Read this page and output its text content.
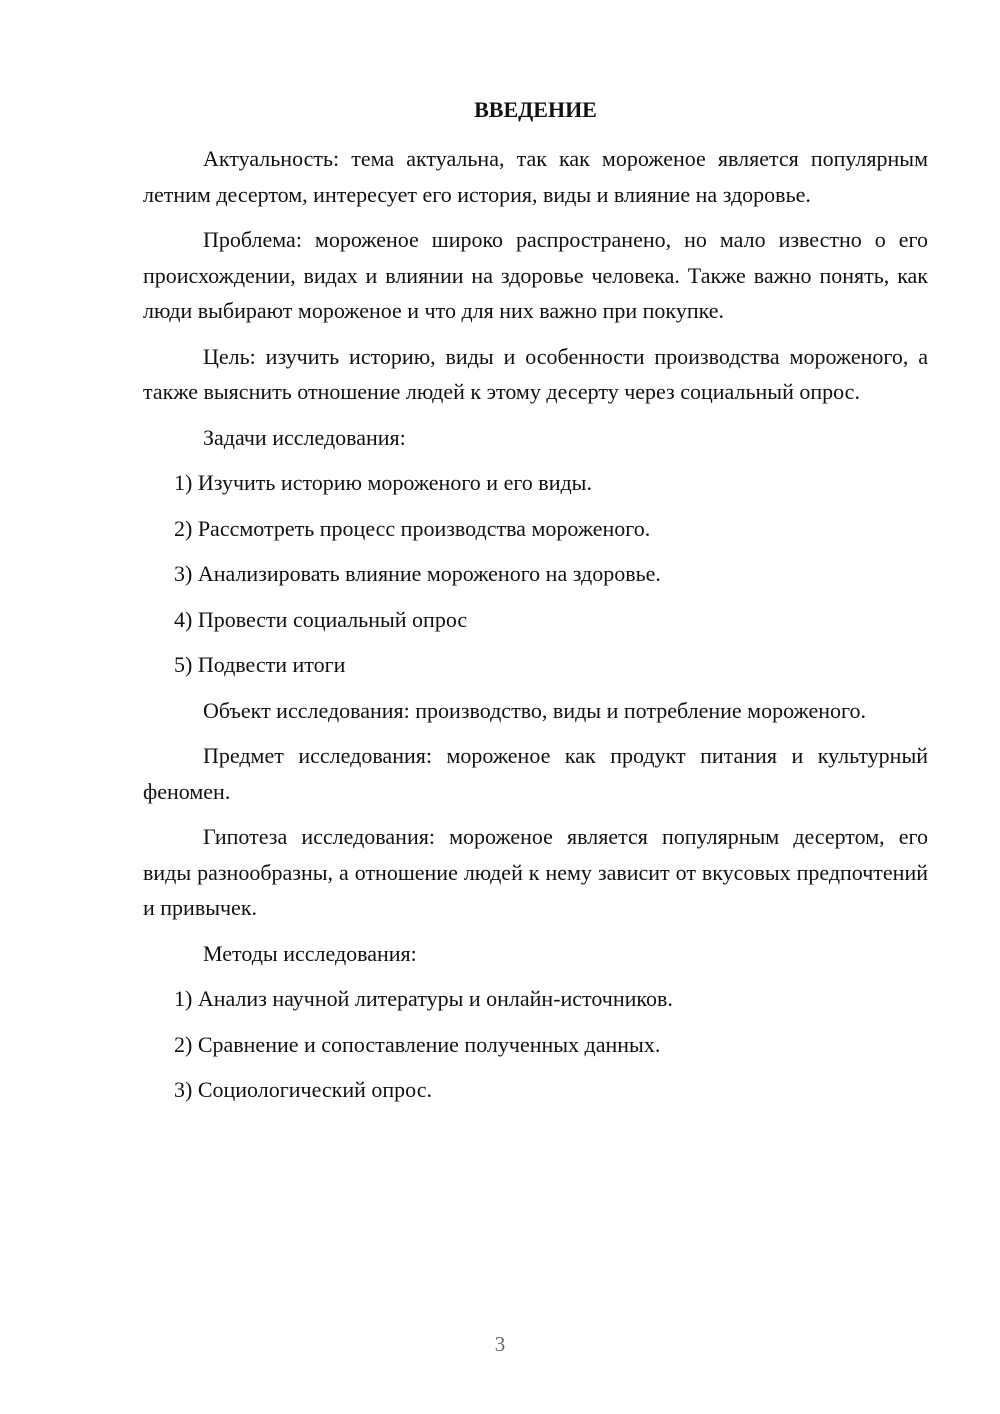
ВВЕДЕНИЕ

Актуальность: тема актуальна, так как мороженое является популярным летним десертом, интересует его история, виды и влияние на здоровье.

Проблема: мороженое широко распространено, но мало известно о его происхождении, видах и влиянии на здоровье человека. Также важно понять, как люди выбирают мороженое и что для них важно при покупке.

Цель: изучить историю, виды и особенности производства мороженого, а также выяснить отношение людей к этому десерту через социальный опрос.

Задачи исследования:

1) Изучить историю мороженого и его виды.

2) Рассмотреть процесс производства мороженого.

3) Анализировать влияние мороженого на здоровье.

4) Провести социальный опрос

5) Подвести итоги

Объект исследования: производство, виды и потребление мороженого.

Предмет исследования: мороженое как продукт питания и культурный феномен.

Гипотеза исследования: мороженое является популярным десертом, его виды разнообразны, а отношение людей к нему зависит от вкусовых предпочтений и привычек.

Методы исследования:

1) Анализ научной литературы и онлайн-источников.

2) Сравнение и сопоставление полученных данных.

3) Социологический опрос.

3
